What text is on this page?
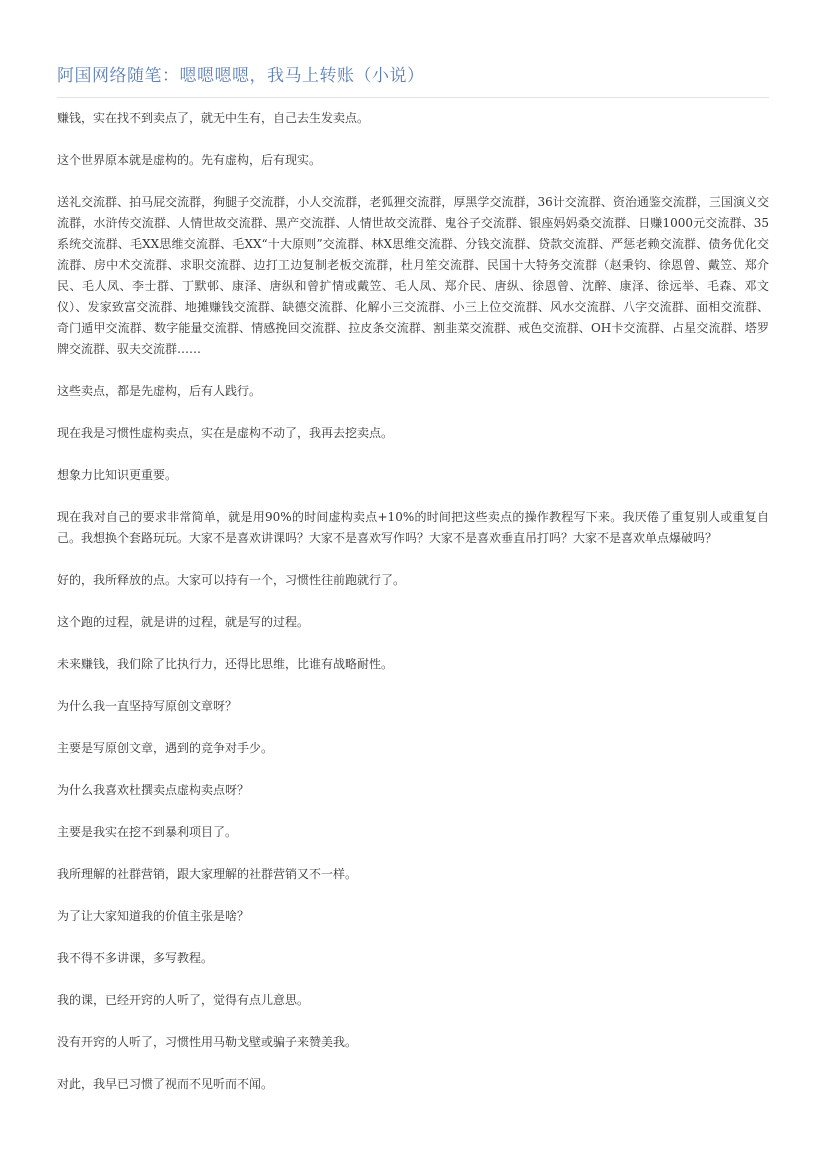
阿国网络随笔：嗯嗯嗯嗯，我马上转账（小说）

赚钱，实在找不到卖点了，就无中生有，自己去生发卖点。

这个世界原本就是虚构的。先有虚构，后有现实。

送礼交流群、拍马屁交流群，狗腿子交流群，小人交流群，老狐狸交流群，厚黑学交流群，36计交流群、资治通鉴交流群，三国演义交流群，水浒传交流群、人情世故交流群、黑产交流群、人情世故交流群、鬼谷子交流群、银座妈妈桑交流群、日赚1000元交流群、35系统交流群、毛XX思维交流群、毛XX“十大原则”交流群、林X思维交流群、分钱交流群、贷款交流群、严惩老赖交流群、债务优化交流群、房中术交流群、求职交流群、边打工边复制老板交流群，杜月笙交流群、民国十大特务交流群（赵秉钧、徐恩曾、戴笠、郑介民、毛人凤、李士群、丁默邨、康泽、唐纵和曾扩情或戴笠、毛人凤、郑介民、唐纵、徐恩曾、沈醉、康泽、徐远举、毛森、邓文仪）、发家致富交流群、地摊赚钱交流群、缺德交流群、化解小三交流群、小三上位交流群、风水交流群、八字交流群、面相交流群、奇门遁甲交流群、数字能量交流群、情感挽回交流群、拉皮条交流群、割韭菜交流群、戒色交流群、OH卡交流群、占星交流群、塔罗牌交流群、驭夫交流群……

这些卖点，都是先虚构，后有人践行。

现在我是习惯性虚构卖点，实在是虚构不动了，我再去挖卖点。

想象力比知识更重要。

现在我对自己的要求非常简单，就是用90%的时间虚构卖点+10%的时间把这些卖点的操作教程写下来。我厌倦了重复别人或重复自己。我想换个套路玩玩。大家不是喜欢讲课吗？大家不是喜欢写作吗？大家不是喜欢垂直吊打吗？大家不是喜欢单点爆破吗？

好的，我所释放的点。大家可以持有一个，习惯性往前跑就行了。

这个跑的过程，就是讲的过程，就是写的过程。

未来赚钱，我们除了比执行力，还得比思维，比谁有战略耐性。

为什么我一直坚持写原创文章呀？

主要是写原创文章，遇到的竞争对手少。

为什么我喜欢杜撰卖点虚构卖点呀？

主要是我实在挖不到暴利项目了。

我所理解的社群营销，跟大家理解的社群营销又不一样。

为了让大家知道我的价值主张是啥？

我不得不多讲课，多写教程。

我的课，已经开窍的人听了，觉得有点儿意思。

没有开窍的人听了，习惯性用马勒戈壁或骗子来赞美我。

对此，我早已习惯了视而不见听而不闻。
